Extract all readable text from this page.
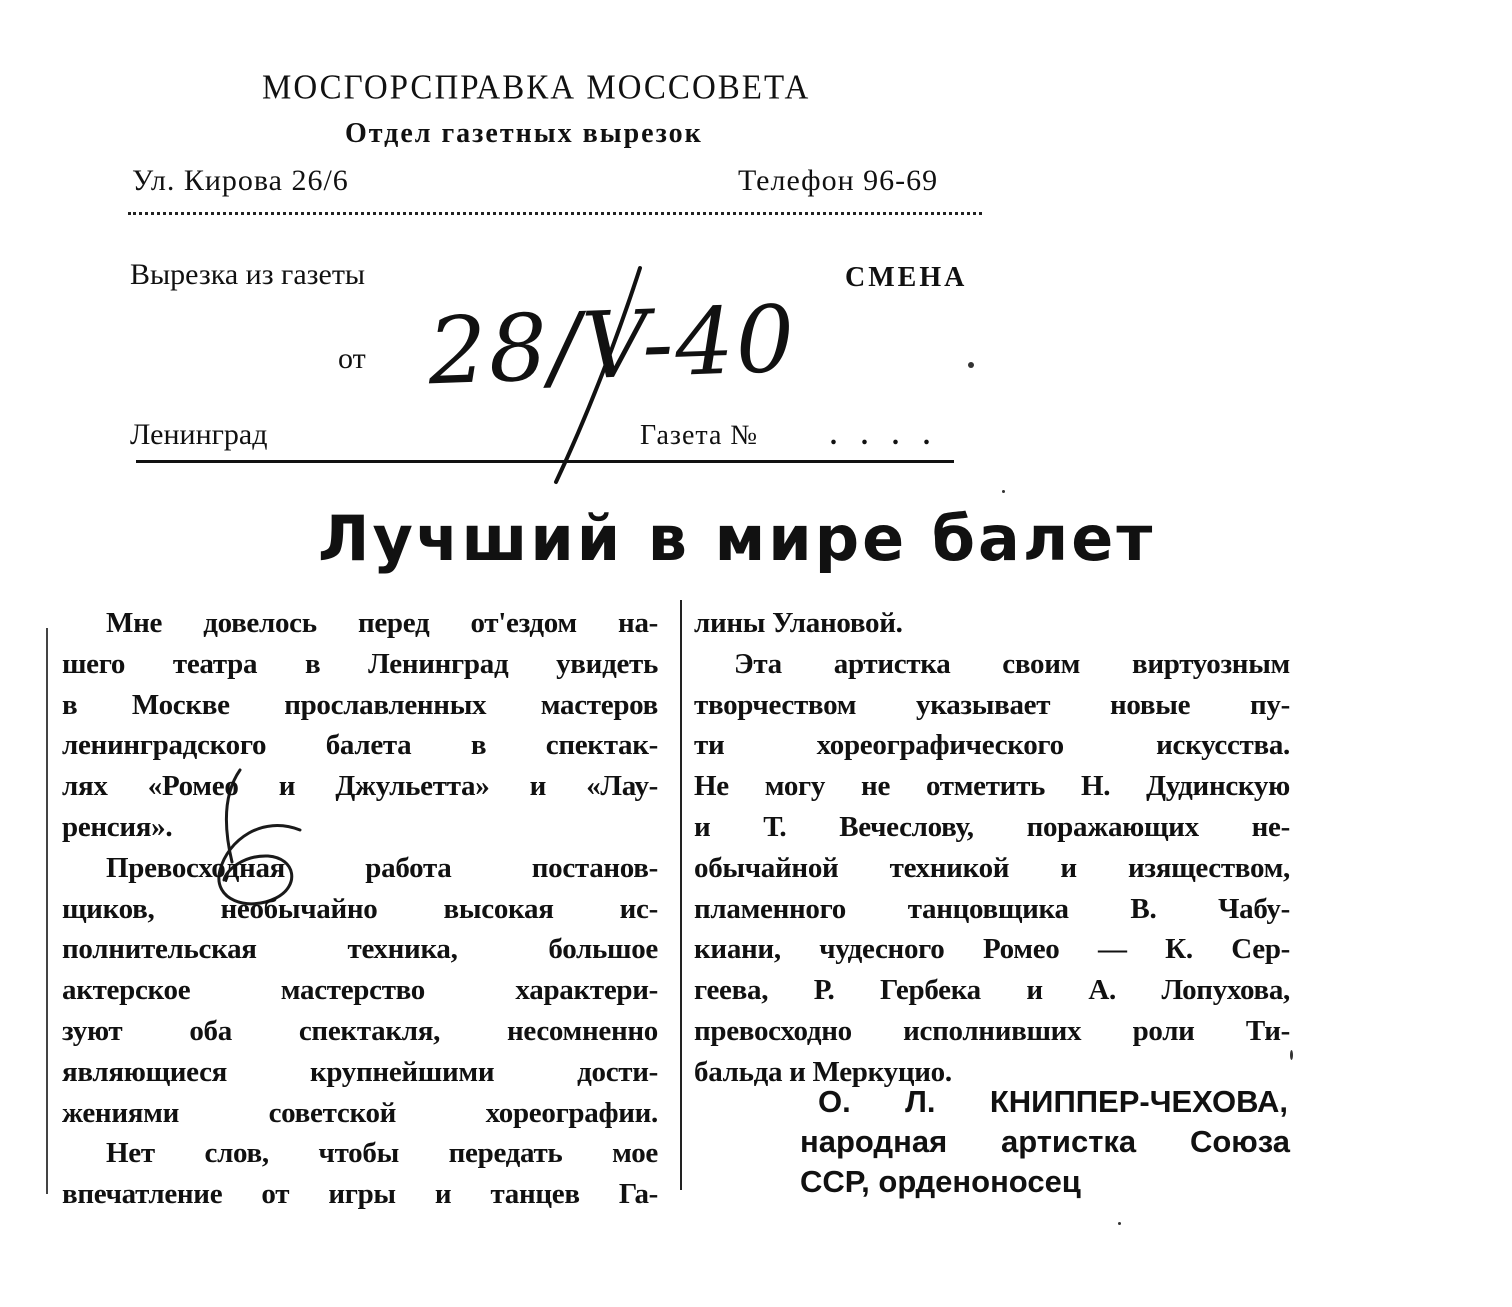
МОСГОРСПРАВКА МОССОВЕТА
Отдел газетных вырезок
Ул. Кирова 26/6	Телефон 96-69
Вырезка из газеты	СМЕНА
от 28/V-40
Ленинград	Газета №	....
Лучший в мире балет
Мне довелось перед от'ездом на-
шего театра в Ленинград увидеть
в Москве прославленных мастеров
ленинградского балета в спектак-
лях «Ромео и Джульетта» и «Лау-
ренсия».
Превосходная работа постанов-
щиков, необычайно высокая ис-
полнительская техника, большое
актерское мастерство характери-
зуют оба спектакля, несомненно
являющиеся крупнейшими дости-
жениями советской хореографии.
Нет слов, чтобы передать мое
впечатление от игры и танцев Га-
лины Улановой.
Эта артистка своим виртуозным
творчеством указывает новые пу-
ти хореографического искусства.
Не могу не отметить Н. Дудинскую
и Т. Вечеслову, поражающих не-
обычайной техникой и изяществом,
пламенного танцовщика В. Чабу-
киани, чудесного Ромео — К. Сер-
геева, Р. Гербека и А. Лопухова,
превосходно исполнивших роли Ти-
бальда и Меркуцио.
О. Л. КНИППЕР-ЧЕХОВА,
народная артистка Союза
ССР, орденоносец
